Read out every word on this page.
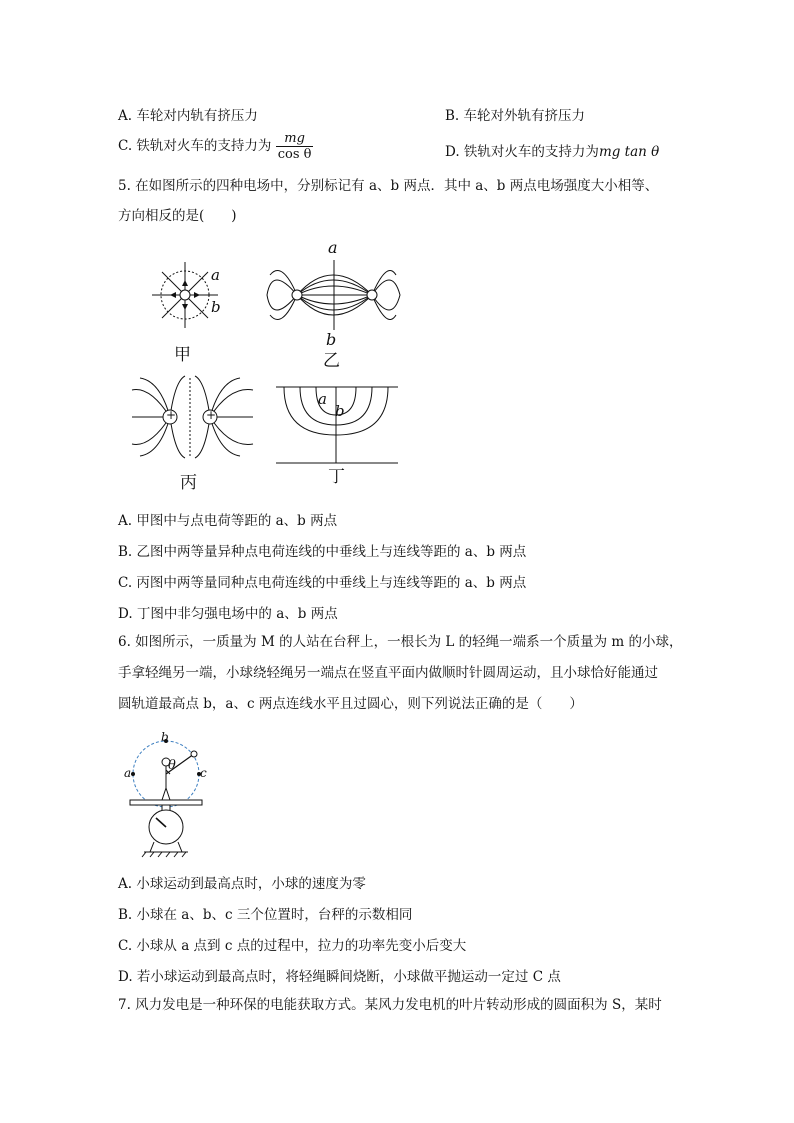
A. 车轮对内轨有挤压力	B. 车轮对外轨有挤压力
C. 铁轨对火车的支持力为 $\frac{mg}{\text{cos θ}}$	D. 铁轨对火车的支持力为mg tan θ
5. 在如图所示的四种电场中，分别标记有 a、b 两点．其中 a、b 两点电场强度大小相等、
方向相反的是(　　)
a
b
甲
a
b
乙
+ +
丙
a
b
丁
A. 甲图中与点电荷等距的 a、b 两点
B. 乙图中两等量异种点电荷连线的中垂线上与连线等距的 a、b 两点
C. 丙图中两等量同种点电荷连线的中垂线上与连线等距的 a、b 两点
D. 丁图中非匀强电场中的 a、b 两点
6. 如图所示，一质量为 M 的人站在台秤上，一根长为 L 的轻绳一端系一个质量为 m 的小球，
手拿轻绳另一端，小球绕轻绳另一端点在竖直平面内做顺时针圆周运动，且小球恰好能通过
圆轨道最高点 b，a、c 两点连线水平且过圆心，则下列说法正确的是（　　）
b
a	c
θ
A. 小球运动到最高点时，小球的速度为零
B. 小球在 a、b、c 三个位置时，台秤的示数相同
C. 小球从 a 点到 c 点的过程中，拉力的功率先变小后变大
D. 若小球运动到最高点时，将轻绳瞬间烧断，小球做平抛运动一定过 C 点
7. 风力发电是一种环保的电能获取方式。某风力发电机的叶片转动形成的圆面积为 S，某时
